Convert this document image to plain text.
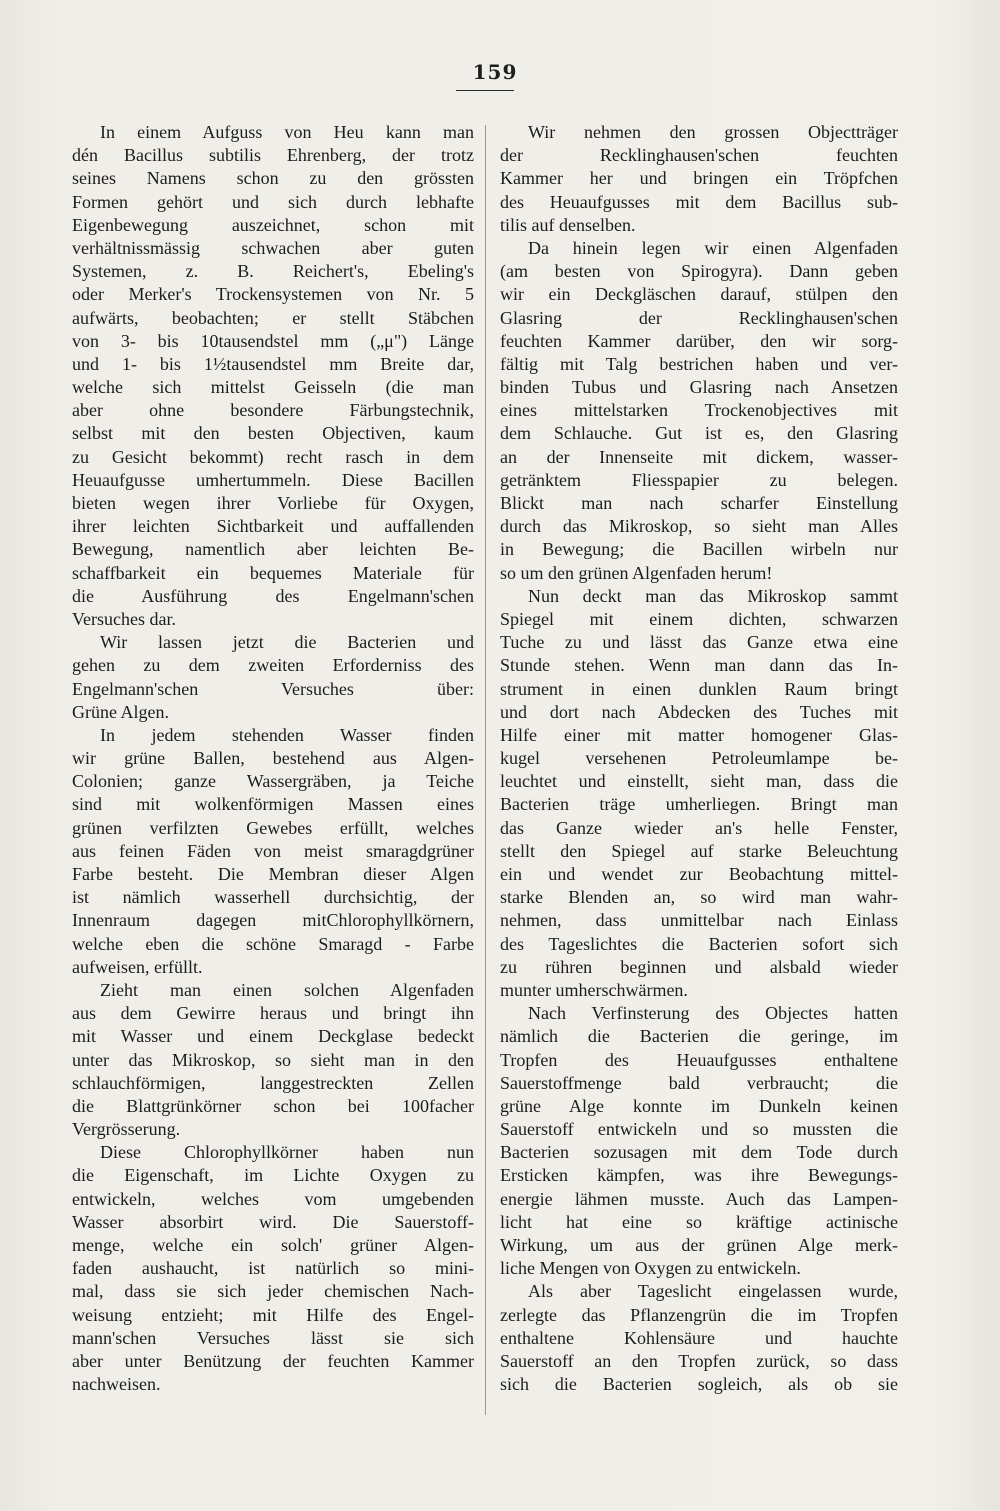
159
In einem Aufguss von Heu kann man
dén Bacillus subtilis Ehrenberg, der trotz
seines Namens schon zu den grössten
Formen gehört und sich durch lebhafte
Eigenbewegung auszeichnet, schon mit
verhältnissmässig schwachen aber guten
Systemen, z. B. Reichert's, Ebeling's
oder Merker's Trockensystemen von Nr. 5
aufwärts, beobachten; er stellt Stäbchen
von 3- bis 10tausendstel mm („μ") Länge
und 1- bis 1½tausendstel mm Breite dar,
welche sich mittelst Geisseln (die man
aber ohne besondere Färbungstechnik,
selbst mit den besten Objectiven, kaum
zu Gesicht bekommt) recht rasch in dem
Heuaufgusse umhertummeln. Diese Bacillen
bieten wegen ihrer Vorliebe für Oxygen,
ihrer leichten Sichtbarkeit und auffallenden
Bewegung, namentlich aber leichten Be-
schaffbarkeit ein bequemes Materiale für
die Ausführung des Engelmann'schen
Versuches dar.
Wir lassen jetzt die Bacterien und
gehen zu dem zweiten Erforderniss des
Engelmann'schen Versuches über:
Grüne Algen.
In jedem stehenden Wasser finden
wir grüne Ballen, bestehend aus Algen-
Colonien; ganze Wassergräben, ja Teiche
sind mit wolkenförmigen Massen eines
grünen verfilzten Gewebes erfüllt, welches
aus feinen Fäden von meist smaragdgrüner
Farbe besteht. Die Membran dieser Algen
ist nämlich wasserhell durchsichtig, der
Innenraum dagegen mitChlorophyllkörnern,
welche eben die schöne Smaragd - Farbe
aufweisen, erfüllt.
Zieht man einen solchen Algenfaden
aus dem Gewirre heraus und bringt ihn
mit Wasser und einem Deckglase bedeckt
unter das Mikroskop, so sieht man in den
schlauchförmigen, langgestreckten Zellen
die Blattgrünkörner schon bei 100facher
Vergrösserung.
Diese Chlorophyllkörner haben nun
die Eigenschaft, im Lichte Oxygen zu
entwickeln, welches vom umgebenden
Wasser absorbirt wird. Die Sauerstoff-
menge, welche ein solch' grüner Algen-
faden aushaucht, ist natürlich so mini-
mal, dass sie sich jeder chemischen Nach-
weisung entzieht; mit Hilfe des Engel-
mann'schen Versuches lässt sie sich
aber unter Benützung der feuchten Kammer
nachweisen.
Wir nehmen den grossen Objectträger
der Recklinghausen'schen feuchten
Kammer her und bringen ein Tröpfchen
des Heuaufgusses mit dem Bacillus sub-
tilis auf denselben.
Da hinein legen wir einen Algenfaden
(am besten von Spirogyra). Dann geben
wir ein Deckgläschen darauf, stülpen den
Glasring der Recklinghausen'schen
feuchten Kammer darüber, den wir sorg-
fältig mit Talg bestrichen haben und ver-
binden Tubus und Glasring nach Ansetzen
eines mittelstarken Trockenobjectives mit
dem Schlauche. Gut ist es, den Glasring
an der Innenseite mit dickem, wasser-
getränktem Fliesspapier zu belegen.
Blickt man nach scharfer Einstellung
durch das Mikroskop, so sieht man Alles
in Bewegung; die Bacillen wirbeln nur
so um den grünen Algenfaden herum!
Nun deckt man das Mikroskop sammt
Spiegel mit einem dichten, schwarzen
Tuche zu und lässt das Ganze etwa eine
Stunde stehen. Wenn man dann das In-
strument in einen dunklen Raum bringt
und dort nach Abdecken des Tuches mit
Hilfe einer mit matter homogener Glas-
kugel versehenen Petroleumlampe be-
leuchtet und einstellt, sieht man, dass die
Bacterien träge umherliegen. Bringt man
das Ganze wieder an's helle Fenster,
stellt den Spiegel auf starke Beleuchtung
ein und wendet zur Beobachtung mittel-
starke Blenden an, so wird man wahr-
nehmen, dass unmittelbar nach Einlass
des Tageslichtes die Bacterien sofort sich
zu rühren beginnen und alsbald wieder
munter umherschwärmen.
Nach Verfinsterung des Objectes hatten
nämlich die Bacterien die geringe, im
Tropfen des Heuaufgusses enthaltene
Sauerstoffmenge bald verbraucht; die
grüne Alge konnte im Dunkeln keinen
Sauerstoff entwickeln und so mussten die
Bacterien sozusagen mit dem Tode durch
Ersticken kämpfen, was ihre Bewegungs-
energie lähmen musste. Auch das Lampen-
licht hat eine so kräftige actinische
Wirkung, um aus der grünen Alge merk-
liche Mengen von Oxygen zu entwickeln.
Als aber Tageslicht eingelassen wurde,
zerlegte das Pflanzengrün die im Tropfen
enthaltene Kohlensäure und hauchte
Sauerstoff an den Tropfen zurück, so dass
sich die Bacterien sogleich, als ob sie
